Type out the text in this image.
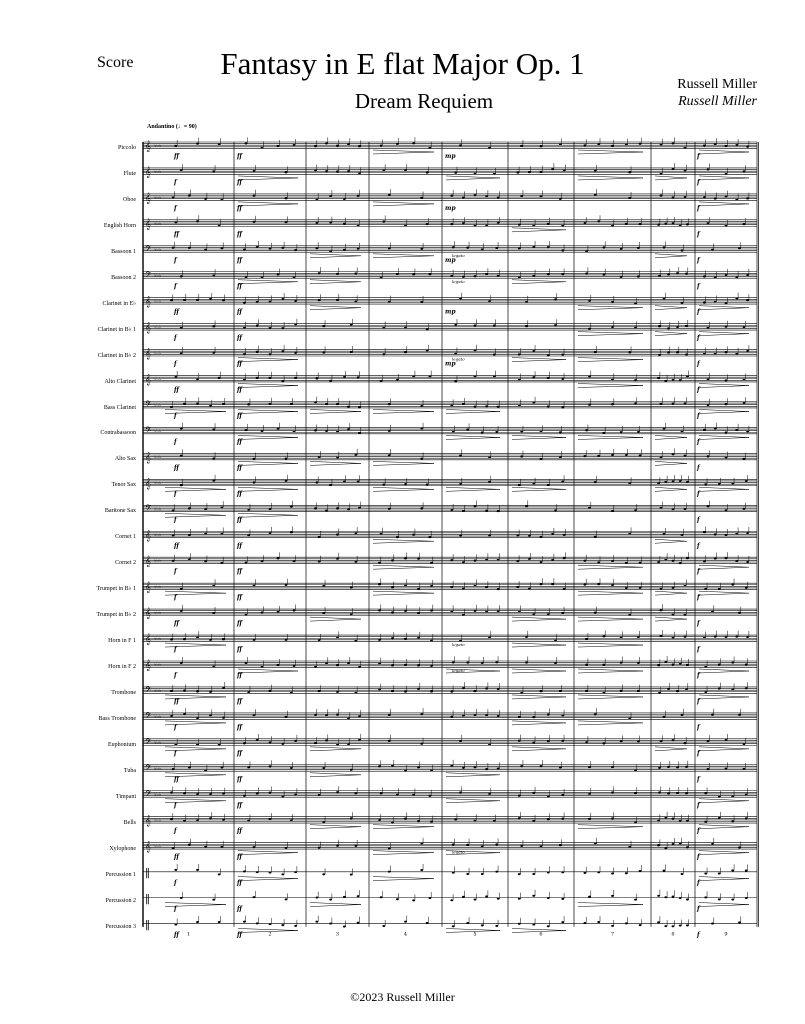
Score	Fantasy in E flat Major Op. 1
Dream Requiem
Russell Miller
Russell Miller
Andantino (♩= 90)
Piccolo
Flute
Oboe
English Horn
Bassoon 1
Bassoon 2
Clarinet in E♭
Clarinet in B♭ 1
Clarinet in B♭ 2
Alto Clarinet
Bass Clarinet
Contrabassoon
Alto Sax
Tenor Sax
Baritone Sax
Cornet 1
Cornet 2
Trumpet in B♭ 1
Trumpet in B♭ 2
Horn in F 1
Horn in F 2
Trombone
Bass Trombone
Euphonium
Tuba
Timpani
Bells
Xylophone
Percussion 1
Percussion 2
Percussion 3
𝄞 ♭♭♭
ff	ff	mp	f
𝄞 ♭♭♭
f	ff	f
𝄞 ♭♭♭
f	ff	mp	f
𝄞 ♭♭♭
ff	ff	f
𝄢 ♭♭♭
f	ff	mp	f
𝄢 ♭♭♭
f	ff	f
𝄞 ♭♭♭
ff	ff	mp	f
𝄞 ♭♭♭
f	ff	f
𝄞 ♭♭♭
f	ff	mp	f
𝄞 ♭♭♭
ff	ff	f
𝄢 ♭♭♭
f	ff	f
𝄢 ♭♭♭
f	ff	f
𝄞 ♭♭♭
ff	ff	f
𝄞 ♭♭♭
f	ff	f
𝄢 ♭♭♭
f	ff	f
𝄞 ♭♭♭
ff	ff	f
𝄞 ♭♭♭
f	ff	f
𝄞 ♭♭♭
f	ff	f
𝄞 ♭♭♭
ff	ff	f
𝄞 ♭♭♭
f	ff	f
𝄞 ♭♭♭
f	ff	f
𝄢 ♭♭♭
ff	ff	f
𝄢 ♭♭♭
f	ff	f
𝄢 ♭♭♭
f	ff	f
𝄢 ♭♭♭
ff	ff	f
𝄢 ♭♭♭
f	ff	f
𝄞 ♭♭♭
f	ff	f
𝄞 ♭♭♭
ff	ff	f
‖
f	ff	f
‖
f	ff	f
‖
ff	ff	f
legato
legato
legato
legato
legato
legato
1	2	3	4	5	6	7	8	9
©2023 Russell Miller
